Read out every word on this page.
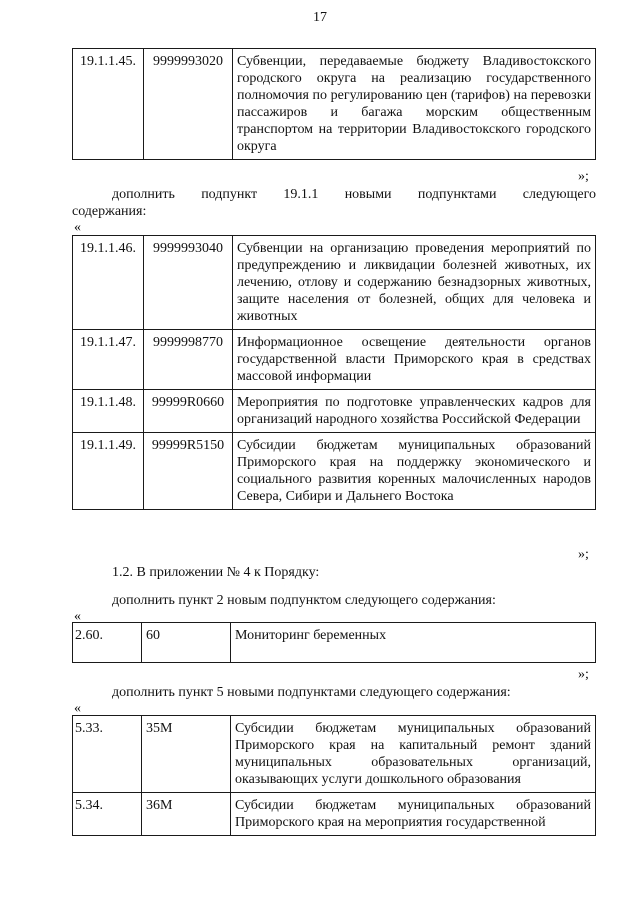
17
19.1.1.45.	9999993020	Субвенции, передаваемые бюджету Владивостокского городского округа на реализацию государственного полномочия по регулированию цен (тарифов) на перевозки пассажиров и багажа морским общественным транспортом на территории Владивостокского городского округа
»;
дополнить подпункт 19.1.1 новыми подпунктами следующего
содержания:
«
19.1.1.46.	9999993040	Субвенции на организацию проведения мероприятий по предупреждению и ликвидации болезней животных, их лечению, отлову и содержанию безнадзорных животных, защите населения от болезней, общих для человека и животных
19.1.1.47.	9999998770	Информационное освещение деятельности органов государственной власти Приморского края в средствах массовой информации
19.1.1.48.	99999R0660	Мероприятия по подготовке управленческих кадров для организаций народного хозяйства Российской Федерации
19.1.1.49.	99999R5150	Субсидии бюджетам муниципальных образований Приморского края на поддержку экономического и социального развития коренных малочисленных народов Севера, Сибири и Дальнего Востока
»;
1.2. В приложении № 4 к Порядку:
дополнить пункт 2 новым подпунктом следующего содержания:
«
2.60.	60	Мониторинг беременных
»;
дополнить пункт 5 новыми подпунктами следующего содержания:
«
5.33.	35М	Субсидии бюджетам муниципальных образований Приморского края на капитальный ремонт зданий муниципальных образовательных организаций, оказывающих услуги дошкольного образования
5.34.	36М	Субсидии бюджетам муниципальных образований Приморского края на мероприятия государственной
